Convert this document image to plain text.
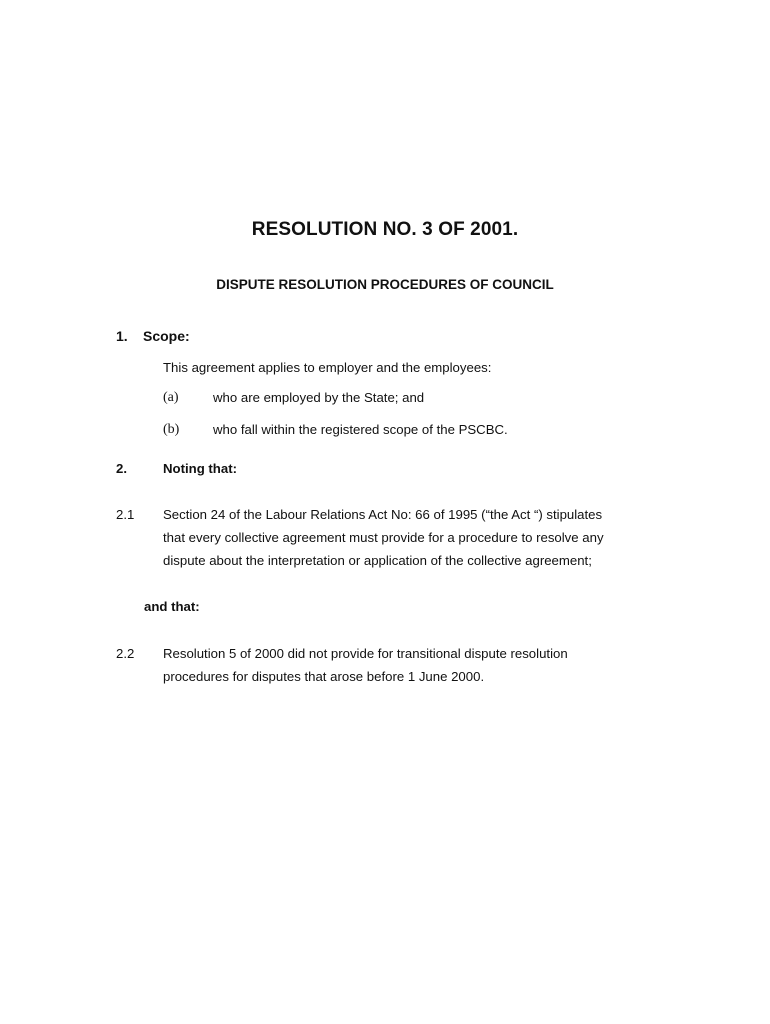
RESOLUTION NO. 3 OF 2001.
DISPUTE RESOLUTION PROCEDURES OF COUNCIL
1. Scope:
This agreement applies to employer and the employees:
(a)	who are employed by the State; and
(b)	who fall within the registered scope of the PSCBC.
2.	Noting that:
2.1 Section 24 of the Labour Relations Act No: 66 of 1995 (“the Act “) stipulates
that every collective agreement must provide for a procedure to resolve any
dispute about the interpretation or application of the collective agreement;
and that:
2.2 Resolution 5 of 2000 did not provide for transitional dispute resolution
procedures for disputes that arose before 1 June 2000.
